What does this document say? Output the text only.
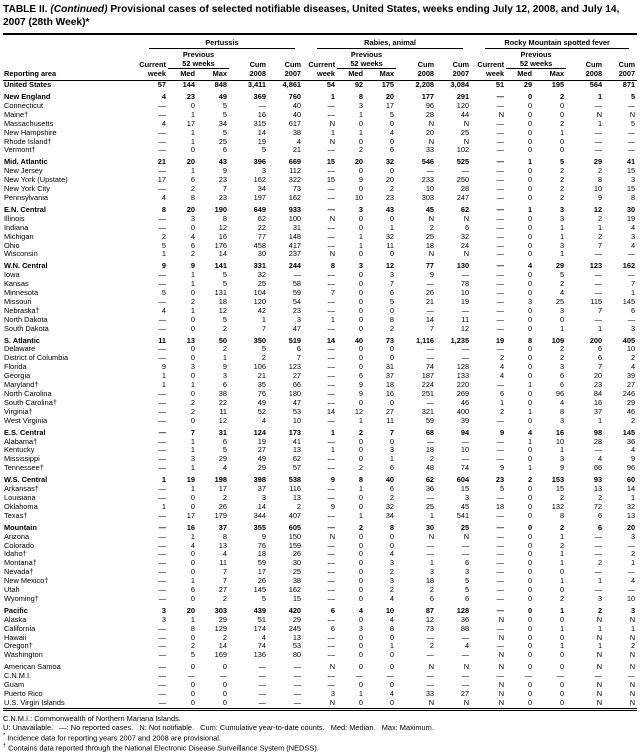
TABLE II. (Continued) Provisional cases of selected notifiable diseases, United States, weeks ending July 12, 2008, and July 14, 2007 (28th Week)*

	Pertussis					Rabies, animal					Rocky Mountain spotted fever				

		Previous					Previous					Previous			
	Current	52 weeks		Cum	Cum	Current	52 weeks		Cum	Cum	Current	52 weeks		Cum	Cum
Reporting area	week	Med	Max	2008	2007	week	Med	Max	2008	2007	week	Med	Max	2008	2007
United States	57	144	848	3,411	4,861	54	92	175	2,208	3,084	51	29	195	564	871
New England	4	23	49	369	760	1	8	20	177	291	—	0	2	1	5
Connecticut	—	0	5	—	40	—	3	17	96	120	—	0	0	—	—
Maine†	—	1	5	16	40	—	1	5	28	44	N	0	0	N	N
Massachusetts	4	17	34	315	617	N	0	0	N	N	—	0	2	1	5
New Hampshire	—	1	5	14	38	1	1	4	20	25	—	0	1	—	—
Rhode Island†	—	1	25	19	4	N	0	0	N	N	—	0	0	—	—
Vermont†	—	0	6	5	21	—	2	6	33	102	—	0	0	—	—
Mid. Atlantic	21	20	43	396	669	15	20	32	546	525	—	1	5	29	41
New Jersey	—	1	9	3	112	—	0	0	—	—	—	0	2	2	15
New York (Upstate)	17	6	23	162	322	15	9	20	233	250	—	0	2	8	3
New York City	—	2	7	34	73	—	0	2	10	28	—	0	2	10	15
Pennsylvania	4	8	23	197	162	—	10	23	303	247	—	0	2	9	8
E.N. Central	8	20	190	649	933	—	3	43	45	62	—	1	3	12	30
Illinois	—	3	8	62	100	N	0	0	N	N	—	0	3	2	19
Indiana	—	0	12	22	31	—	0	1	2	6	—	0	1	1	4
Michigan	2	4	16	77	148	—	1	32	25	32	—	0	1	2	3
Ohio	5	6	176	458	417	—	1	11	18	24	—	0	3	7	4
Wisconsin	1	2	14	30	237	N	0	0	N	N	—	0	1	—	—
W.N. Central	9	9	141	331	244	8	3	12	77	130	—	4	29	123	162
Iowa	—	1	5	32	—	—	0	3	9	—	—	0	5	—	—
Kansas	—	1	5	25	58	—	0	7	—	78	—	0	2	—	7
Minnesota	5	0	131	104	59	7	0	6	26	10	—	0	4	—	1
Missouri	—	2	18	120	54	—	0	5	21	19	—	3	25	115	145
Nebraska†	4	1	12	42	23	—	0	0	—	—	—	0	3	7	6
North Dakota	—	0	5	1	3	1	0	8	14	11	—	0	0	—	—
South Dakota	—	0	2	7	47	—	0	2	7	12	—	0	1	1	3
S. Atlantic	11	13	50	350	519	14	40	73	1,116	1,235	19	8	109	200	405
Delaware	—	0	2	5	6	—	0	0	—	—	—	0	2	6	10
District of Columbia	—	0	1	2	7	—	0	0	—	—	2	0	2	6	2
Florida	9	3	9	106	123	—	0	31	74	128	4	0	3	7	4
Georgia	1	0	3	21	27	—	6	37	187	133	4	0	6	20	39
Maryland†	1	1	6	35	66	—	9	18	224	220	—	1	6	23	27
North Carolina	—	0	38	76	180	—	9	16	251	269	6	0	96	84	246
South Carolina†	—	2	22	49	47	—	0	0	—	46	1	0	4	16	29
Virginia†	—	2	11	52	53	14	12	27	321	400	2	1	8	37	46
West Virginia	—	0	12	4	10	—	1	11	59	39	—	0	3	1	2
E.S. Central	—	7	31	124	173	1	2	7	68	94	9	4	16	98	145
Alabama†	—	1	6	19	41	—	0	0	—	—	—	1	10	28	36
Kentucky	—	1	5	27	13	1	0	3	18	10	—	0	1	—	4
Mississippi	—	3	29	49	62	—	0	1	2	—	—	0	3	4	9
Tennessee†	—	1	4	29	57	—	2	6	48	74	9	1	9	66	96
W.S. Central	1	19	198	398	538	9	8	40	62	604	23	2	153	93	60
Arkansas†	—	1	17	37	116	—	1	6	36	15	5	0	15	13	14
Louisiana	—	0	2	3	13	—	0	2	—	3	—	0	2	2	1
Oklahoma	1	0	26	14	2	9	0	32	25	45	18	0	132	72	32
Texas†	—	17	179	344	407	—	1	34	1	541	—	0	8	6	13
Mountain	—	16	37	355	605	—	2	8	30	25	—	0	2	6	20
Arizona	—	1	8	9	150	N	0	0	N	N	—	0	1	—	3
Colorado	—	4	13	76	159	—	0	0	—	—	—	0	2	—	—
Idaho†	—	0	4	18	26	—	0	4	—	—	—	0	1	—	2
Montana†	—	0	11	59	30	—	0	3	1	6	—	0	1	2	1
Nevada†	—	0	7	17	25	—	0	2	3	3	—	0	0	—	—
New Mexico†	—	1	7	26	38	—	0	3	18	5	—	0	1	1	4
Utah	—	6	27	145	162	—	0	2	2	5	—	0	0	—	—
Wyoming†	—	0	2	5	15	—	0	4	6	6	—	0	2	3	10
Pacific	3	20	303	439	420	6	4	10	87	128	—	0	1	2	3
Alaska	3	1	29	51	29	—	0	4	12	36	N	0	0	N	N
California	—	8	129	174	245	6	3	8	73	88	—	0	1	1	1
Hawaii	—	0	2	4	13	—	0	0	—	—	N	0	0	N	N
Oregon†	—	2	14	74	53	—	0	1	2	4	—	0	1	1	2
Washington	—	5	169	136	80	—	0	0	—	—	N	0	0	N	N
American Samoa	—	0	0	—	—	N	0	0	N	N	N	0	0	N	N
C.N.M.I.	—	—	—	—	—	—	—	—	—	—	—	—	—	—	—
Guam	—	0	0	—	—	—	0	0	—	—	N	0	0	N	N
Puerto Rico	—	0	0	—	—	3	1	4	33	27	N	0	0	N	N
U.S. Virgin Islands	—	0	0	—	—	N	0	0	N	N	N	0	0	N	N

C.N.M.I.: Commonwealth of Northern Mariana Islands.

U: Unavailable.   —: No reported cases.   N: Not notifiable.   Cum: Cumulative year-to-date counts.   Med: Median.   Max: Maximum.

* Incidence data for reporting years 2007 and 2008 are provisional.

† Contains data reported through the National Electronic Disease Surveillance System (NEDSS).
